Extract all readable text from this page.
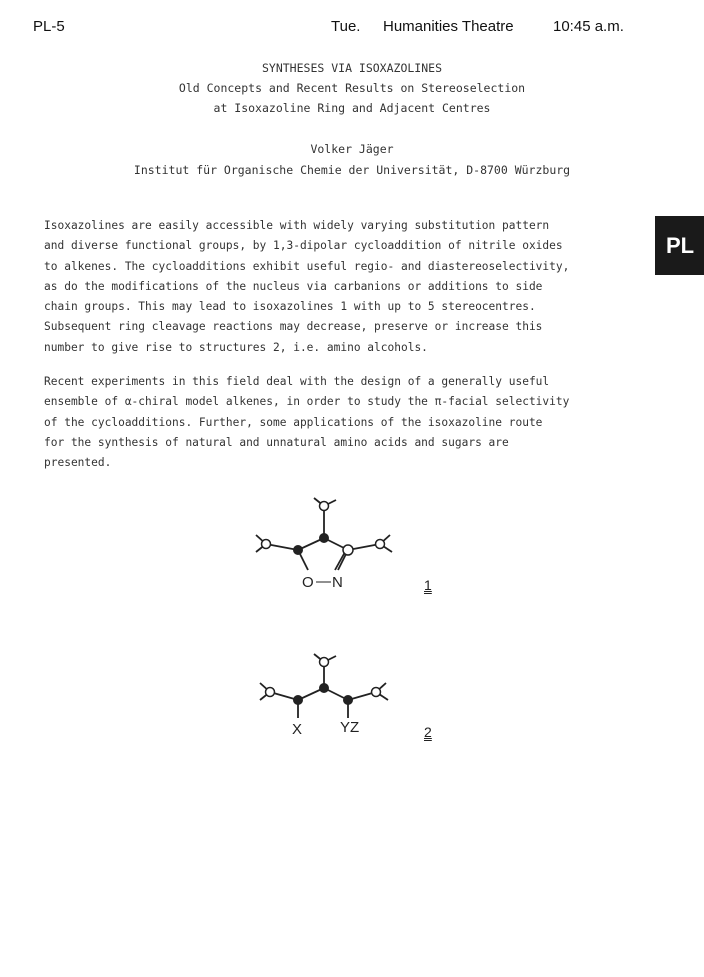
PL-5	Tue.	Humanities Theatre	10:45 a.m.
SYNTHESES VIA ISOXAZOLINES
Old Concepts and Recent Results on Stereoselection
at Isoxazoline Ring and Adjacent Centres
Volker Jäger
Institut für Organische Chemie der Universität, D-8700 Würzburg
Isoxazolines are easily accessible with widely varying substitution pattern
and diverse functional groups, by 1,3-dipolar cycloaddition of nitrile oxides
to alkenes. The cycloadditions exhibit useful regio- and diastereoselectivity,
as do the modifications of the nucleus via carbanions or additions to side
chain groups. This may lead to isoxazolines 1 with up to 5 stereocentres.
Subsequent ring cleavage reactions may decrease, preserve or increase this
number to give rise to structures 2, i.e. amino alcohols.
Recent experiments in this field deal with the design of a generally useful
ensemble of α-chiral model alkenes, in order to study the π-facial selectivity
of the cycloadditions. Further, some applications of the isoxazoline route
for the synthesis of natural and unnatural amino acids and sugars are
presented.
PL
O — N	1
X	YZ	2
